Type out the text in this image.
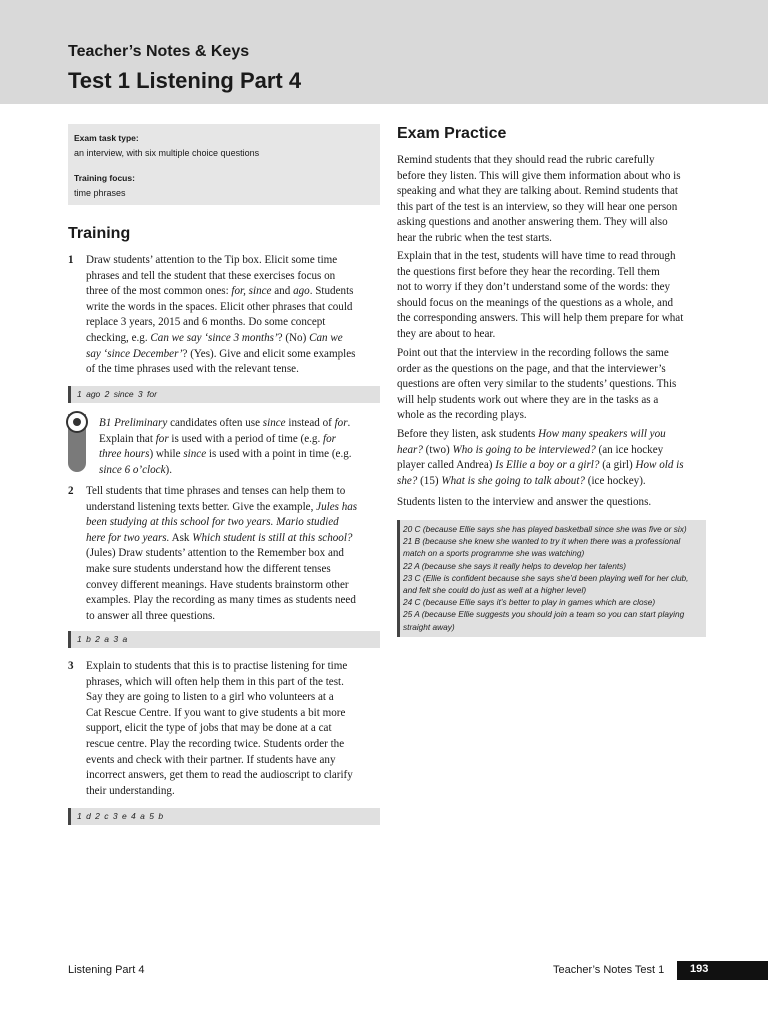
Teacher’s Notes & Keys
Test 1 Listening Part 4
Exam task type:
an interview, with six multiple choice questions
Training focus:
time phrases
Training
1 Draw students’ attention to the Tip box. Elicit some time
phrases and tell the student that these exercises focus on
three of the most common ones: for, since and ago. Students
write the words in the spaces. Elicit other phrases that could
replace 3 years, 2015 and 6 months. Do some concept
checking, e.g. Can we say ‘since 3 months’? (No) Can we
say ‘since December’? (Yes). Give and elicit some examples
of the time phrases used with the relevant tense.
1 ago 2 since 3 for
B1 Preliminary candidates often use since instead of for.
Explain that for is used with a period of time (e.g. for
three hours) while since is used with a point in time (e.g.
since 6 o’clock).
2 Tell students that time phrases and tenses can help them to
understand listening texts better. Give the example, Jules has
been studying at this school for two years. Mario studied
here for two years. Ask Which student is still at this school?
(Jules) Draw students’ attention to the Remember box and
make sure students understand how the different tenses
convey different meanings. Have students brainstorm other
examples. Play the recording as many times as students need
to answer all three questions.
1 b 2 a 3 a
3 Explain to students that this is to practise listening for time
phrases, which will often help them in this part of the test.
Say they are going to listen to a girl who volunteers at a
Cat Rescue Centre. If you want to give students a bit more
support, elicit the type of jobs that may be done at a cat
rescue centre. Play the recording twice. Students order the
events and check with their partner. If students have any
incorrect answers, get them to read the audioscript to clarify
their understanding.
1 d 2 c 3 e 4 a 5 b
Exam Practice
Remind students that they should read the rubric carefully
before they listen. This will give them information about who is
speaking and what they are talking about. Remind students that
this part of the test is an interview, so they will hear one person
asking questions and another answering them. They will also
hear the rubric when the test starts.
Explain that in the test, students will have time to read through
the questions first before they hear the recording. Tell them
not to worry if they don’t understand some of the words: they
should focus on the meanings of the questions as a whole, and
the corresponding answers. This will help them prepare for what
they are about to hear.
Point out that the interview in the recording follows the same
order as the questions on the page, and that the interviewer’s
questions are often very similar to the students’ questions. This
will help students work out where they are in the tasks as a
whole as the recording plays.
Before they listen, ask students How many speakers will you
hear? (two) Who is going to be interviewed? (an ice hockey
player called Andrea) Is Ellie a boy or a girl? (a girl) How old is
she? (15) What is she going to talk about? (ice hockey).
Students listen to the interview and answer the questions.
20 C (because Ellie says she has played basketball since she was five or six)
21 B (because she knew she wanted to try it when there was a professional
match on a sports programme she was watching)
22 A (because she says it really helps to develop her talents)
23 C (Ellie is confident because she says she’d been playing well for her club,
and felt she could do just as well at a higher level)
24 C (because Ellie says it’s better to play in games which are close)
25 A (because Ellie suggests you should join a team so you can start playing
straight away)
Listening Part 4	Teacher’s Notes Test 1 193
